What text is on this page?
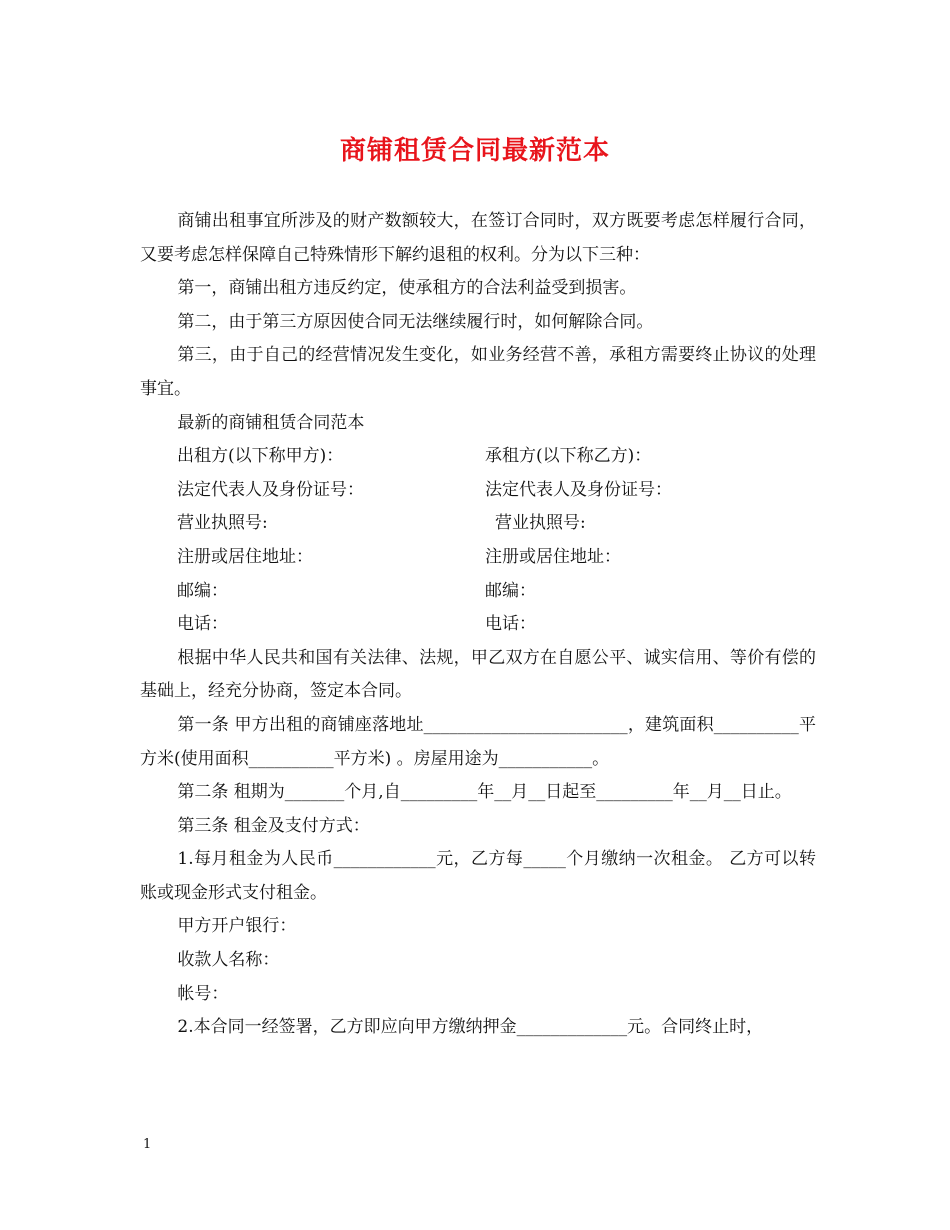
商铺租赁合同最新范本

商铺出租事宜所涉及的财产数额较大，在签订合同时，双方既要考虑怎样履行合同，又要考虑怎样保障自己特殊情形下解约退租的权利。分为以下三种：

第一，商铺出租方违反约定，使承租方的合法利益受到损害。

第二，由于第三方原因使合同无法继续履行时，如何解除合同。

第三，由于自己的经营情况发生变化，如业务经营不善，承租方需要终止协议的处理事宜。

最新的商铺租赁合同范本

出租方(以下称甲方)：	承租方(以下称乙方)：
法定代表人及身份证号：	法定代表人及身份证号：
营业执照号:	营业执照号:
注册或居住地址：	注册或居住地址：
邮编：	邮编：
电话：	电话：

根据中华人民共和国有关法律、法规，甲乙双方在自愿公平、诚实信用、等价有偿的基础上，经充分协商，签定本合同。

第一条 甲方出租的商铺座落地址________________________，建筑面积__________平方米(使用面积__________平方米) 。房屋用途为___________。

第二条 租期为_______个月,自_________年__月__日起至_________年__月__日止。

第三条 租金及支付方式：

1.每月租金为人民币____________元，乙方每_____个月缴纳一次租金。 乙方可以转账或现金形式支付租金。

甲方开户银行：

收款人名称：

帐号：

2.本合同一经签署，乙方即应向甲方缴纳押金_____________元。合同终止时，

1
